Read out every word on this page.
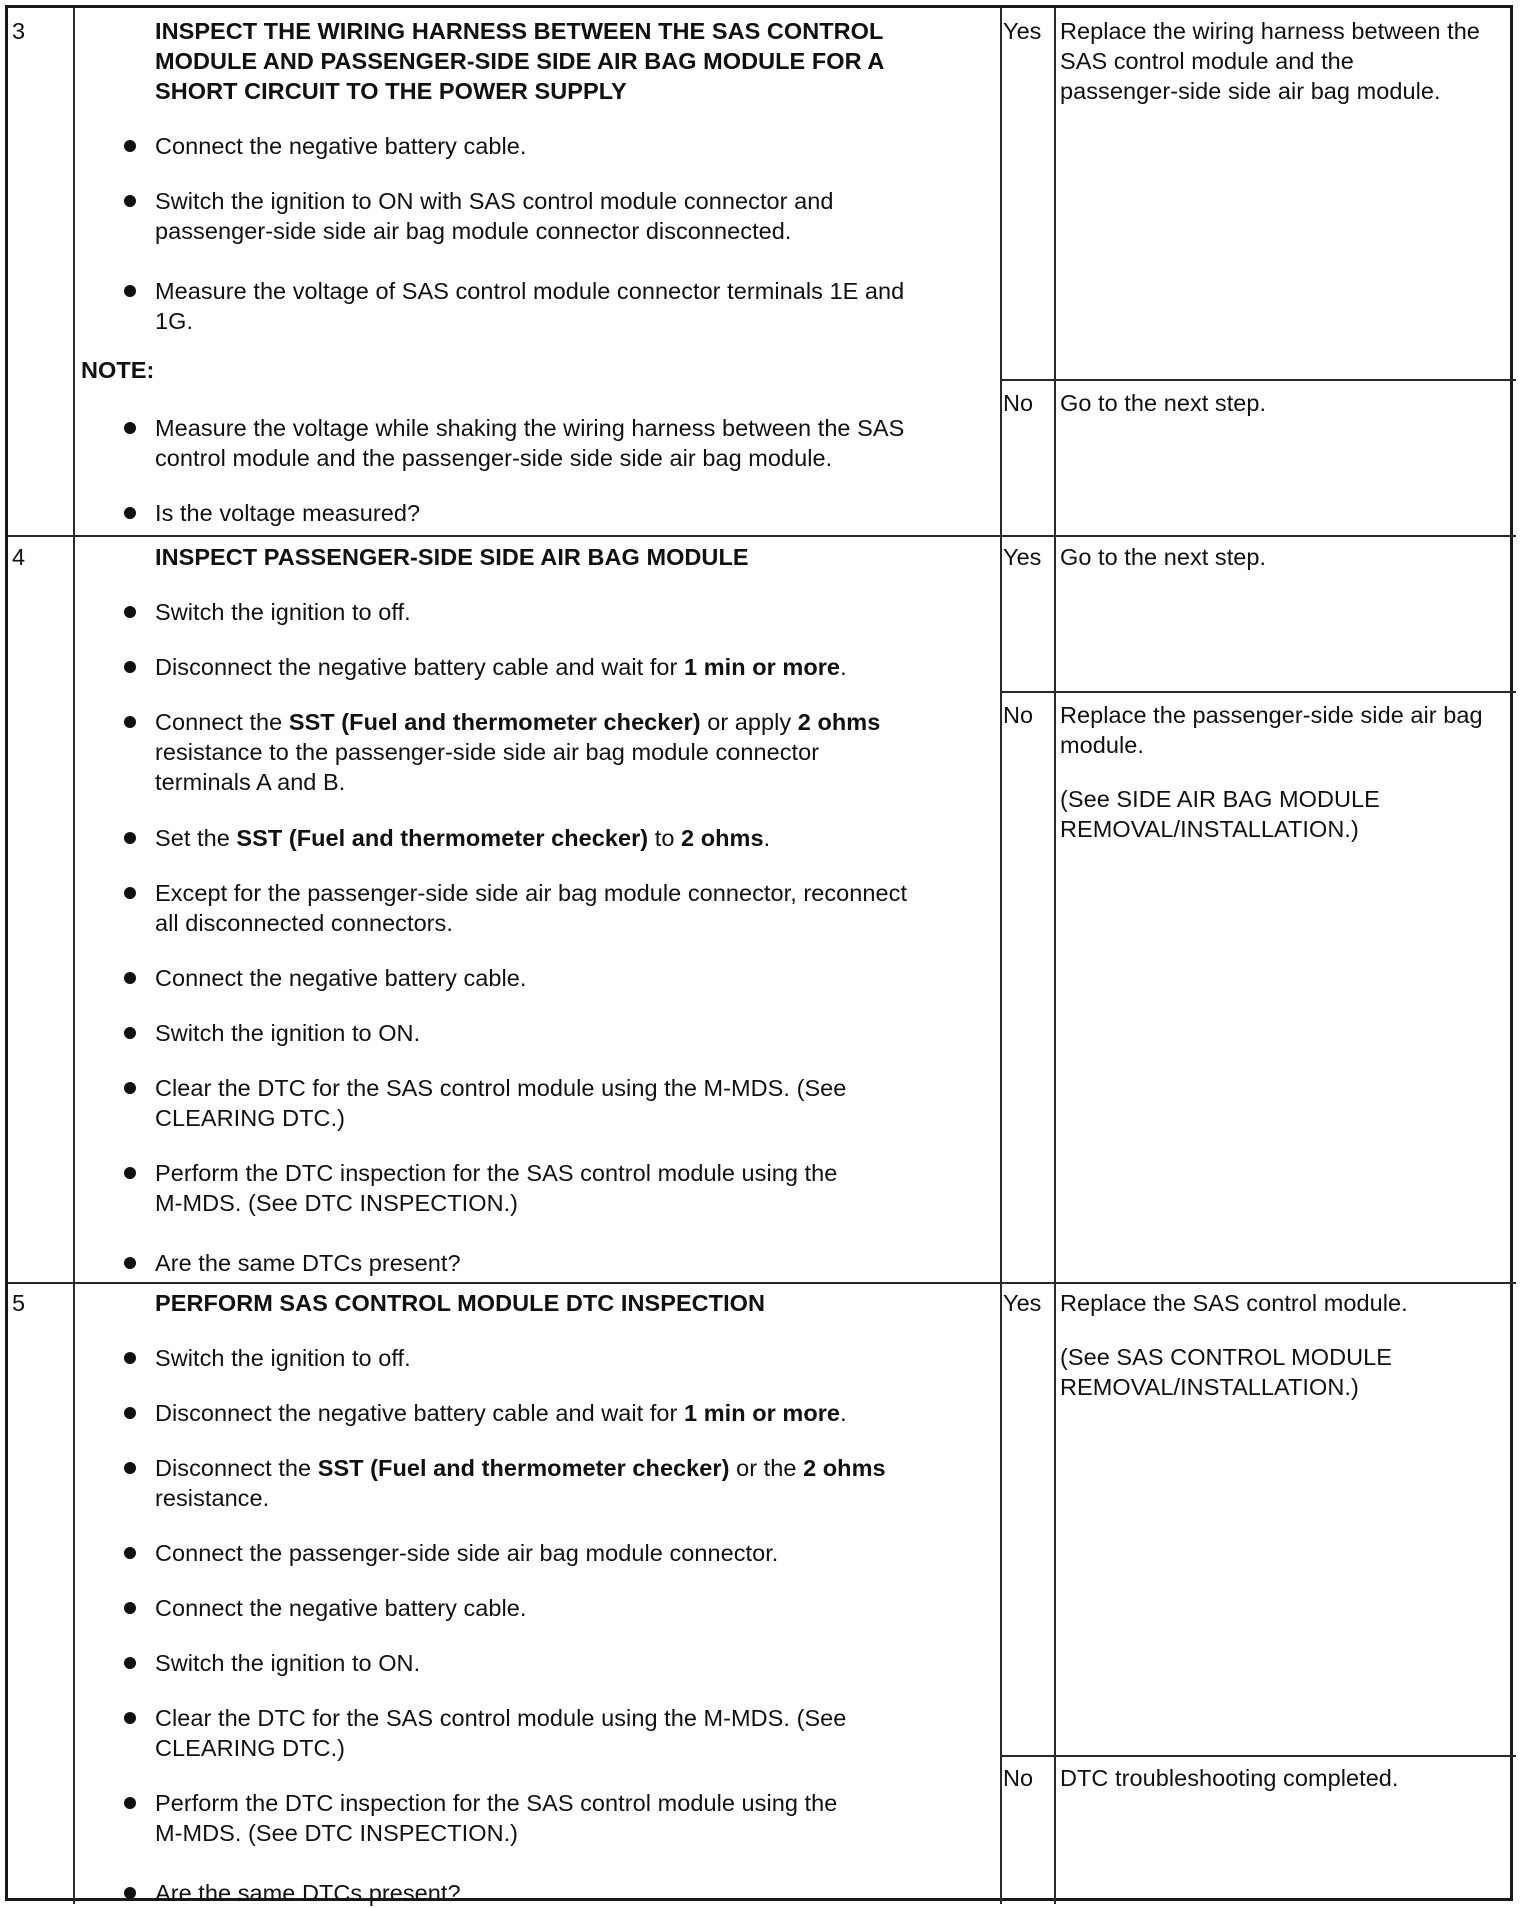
3	INSPECT THE WIRING HARNESS BETWEEN THE SAS CONTROL
MODULE AND PASSENGER-SIDE SIDE AIR BAG MODULE FOR A
SHORT CIRCUIT TO THE POWER SUPPLY
Connect the negative battery cable.
Switch the ignition to ON with SAS control module connector and
passenger-side side air bag module connector disconnected.
Measure the voltage of SAS control module connector terminals 1E and
1G.
NOTE:
Measure the voltage while shaking the wiring harness between the SAS
control module and the passenger-side side side air bag module.
Is the voltage measured?
Yes Replace the wiring harness between the
SAS control module and the
passenger-side side air bag module.
No Go to the next step.
4	INSPECT PASSENGER-SIDE SIDE AIR BAG MODULE
Switch the ignition to off.
Disconnect the negative battery cable and wait for 1 min or more.
Connect the SST (Fuel and thermometer checker) or apply 2 ohms
resistance to the passenger-side side air bag module connector
terminals A and B.
Set the SST (Fuel and thermometer checker) to 2 ohms.
Except for the passenger-side side air bag module connector, reconnect
all disconnected connectors.
Connect the negative battery cable.
Switch the ignition to ON.
Clear the DTC for the SAS control module using the M-MDS. (See
CLEARING DTC.)
Perform the DTC inspection for the SAS control module using the
M-MDS. (See DTC INSPECTION.)
Are the same DTCs present?
Yes Go to the next step.
No Replace the passenger-side side air bag
module.
(See SIDE AIR BAG MODULE
REMOVAL/INSTALLATION.)
5	PERFORM SAS CONTROL MODULE DTC INSPECTION
Switch the ignition to off.
Disconnect the negative battery cable and wait for 1 min or more.
Disconnect the SST (Fuel and thermometer checker) or the 2 ohms
resistance.
Connect the passenger-side side air bag module connector.
Connect the negative battery cable.
Switch the ignition to ON.
Clear the DTC for the SAS control module using the M-MDS. (See
CLEARING DTC.)
Perform the DTC inspection for the SAS control module using the
M-MDS. (See DTC INSPECTION.)
Are the same DTCs present?
Yes Replace the SAS control module.
(See SAS CONTROL MODULE
REMOVAL/INSTALLATION.)
No DTC troubleshooting completed.
